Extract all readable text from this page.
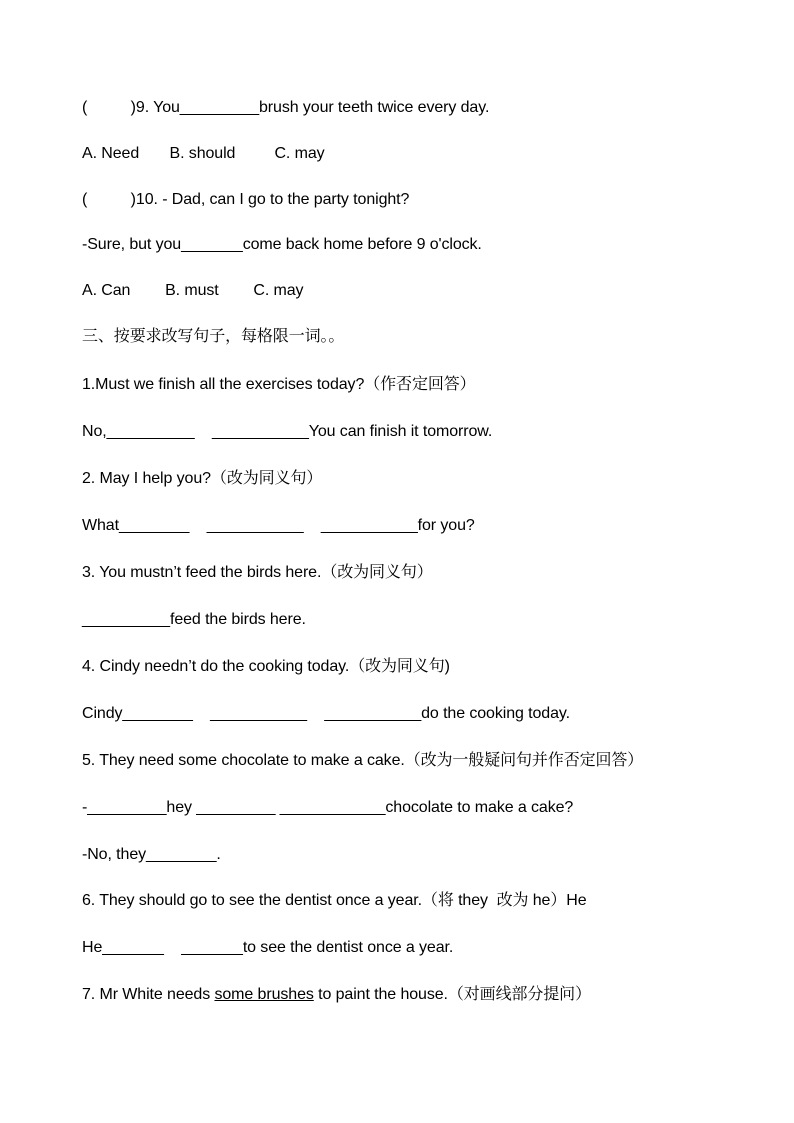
(          )9. You_________brush your teeth twice every day.
A. Need       B. should         C. may
(          )10. - Dad, can I go to the party tonight?
-Sure, but you_______come back home before 9 o'clock.
A. Can        B. must        C. may
三、按要求改写句子，每格限一词。。
1.Must we finish all the exercises today?（作否定回答）
No,__________    ___________You can finish it tomorrow.
2. May I help you?（改为同义句）
What________    ___________    ___________for you?
3. You mustn’t feed the birds here.（改为同义句）
__________feed the birds here.
4. Cindy needn’t do the cooking today.（改为同义句)
Cindy________    ___________    ___________do the cooking today.
5. They need some chocolate to make a cake.（改为一般疑问句并作否定回答）
-_________hey _________ ____________chocolate to make a cake?
-No, they________.
6. They should go to see the dentist once a year.（将 they  改为 he）He
He_______    _______to see the dentist once a year.
7. Mr White needs some brushes to paint the house.（对画线部分提问）
